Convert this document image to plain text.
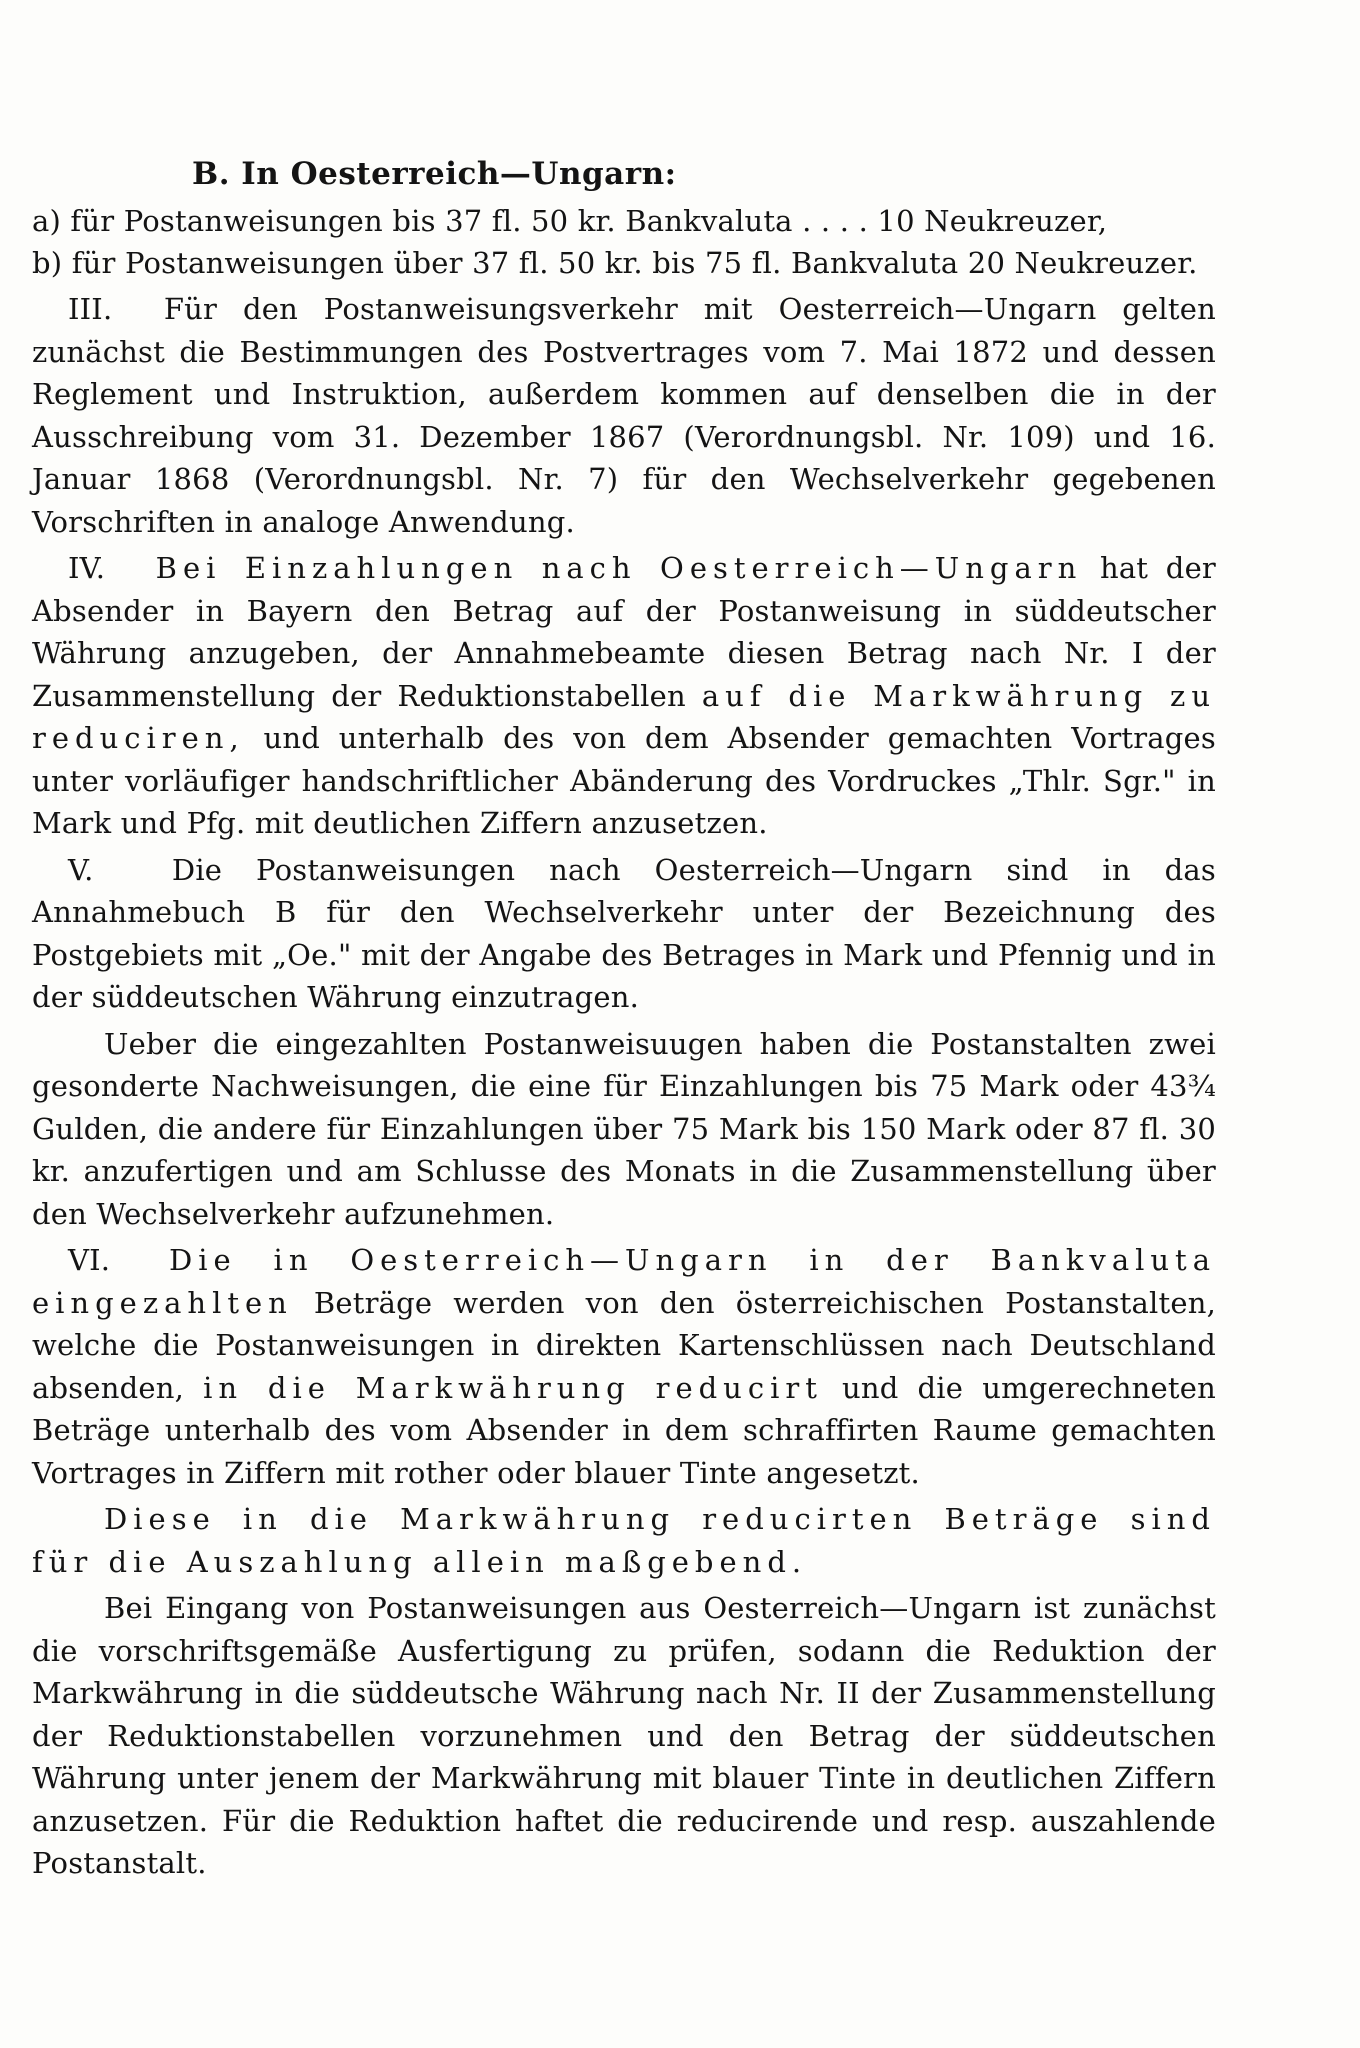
B. In Oesterreich—Ungarn:

a) für Postanweisungen bis 37 fl. 50 kr. Bankvaluta . . . . 10 Neukreuzer,

b) für Postanweisungen über 37 fl. 50 kr. bis 75 fl. Bankvaluta 20 Neukreuzer.

III. Für den Postanweisungsverkehr mit Oesterreich—Ungarn gelten zunächst die Bestimmungen des Postvertrages vom 7. Mai 1872 und dessen Reglement und Instruktion, außerdem kommen auf denselben die in der Ausschreibung vom 31. Dezember 1867 (Verordnungsbl. Nr. 109) und 16. Januar 1868 (Verordnungsbl. Nr. 7) für den Wechselverkehr gegebenen Vorschriften in analoge Anwendung.

IV. Bei Einzahlungen nach Oesterreich—Ungarn hat der Absender in Bayern den Betrag auf der Postanweisung in süddeutscher Währung anzugeben, der Annahmebeamte diesen Betrag nach Nr. I der Zusammenstellung der Reduktionstabellen auf die Markwährung zu reduciren, und unterhalb des von dem Absender gemachten Vortrages unter vorläufiger handschriftlicher Abänderung des Vordruckes „Thlr. Sgr." in Mark und Pfg. mit deutlichen Ziffern anzusetzen.

V.	Die Postanweisungen nach Oesterreich—Ungarn sind in das Annahmebuch B für den Wechselverkehr unter der Bezeichnung des Postgebiets mit „Oe." mit der Angabe des Betrages in Mark und Pfennig und in der süddeutschen Währung einzutragen.

Ueber die eingezahlten Postanweisuugen haben die Postanstalten zwei gesonderte Nachweisungen, die eine für Einzahlungen bis 75 Mark oder 43¾ Gulden, die andere für Einzahlungen über 75 Mark bis 150 Mark oder 87 fl. 30 kr. anzufertigen und am Schlusse des Monats in die Zusammenstellung über den Wechselverkehr aufzunehmen.

VI. Die in Oesterreich—Ungarn in der Bankvaluta eingezahlten Beträge werden von den österreichischen Postanstalten, welche die Postanweisungen in direkten Kartenschlüssen nach Deutschland absenden, in die Markwährung reducirt und die umgerechneten Beträge unterhalb des vom Absender in dem schraffirten Raume gemachten Vortrages in Ziffern mit rother oder blauer Tinte angesetzt.

Diese in die Markwährung reducirten Beträge sind für die Auszahlung allein maßgebend.

Bei Eingang von Postanweisungen aus Oesterreich—Ungarn ist zunächst die vorschriftsgemäße Ausfertigung zu prüfen, sodann die Reduktion der Markwährung in die süddeutsche Währung nach Nr. II der Zusammenstellung der Reduktionstabellen vorzunehmen und den Betrag der süddeutschen Währung unter jenem der Markwährung mit blauer Tinte in deutlichen Ziffern anzusetzen. Für die Reduktion haftet die reducirende und resp. auszahlende Postanstalt.
